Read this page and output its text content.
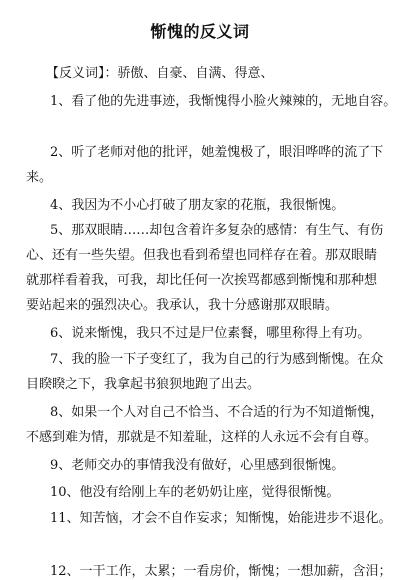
惭愧的反义词
【反义词】：骄傲、自豪、自满、得意、
1、看了他的先进事迹，我惭愧得小脸火辣辣的，无地自容。
2、听了老师对他的批评，她羞愧极了，眼泪哗哗的流了下
来。
4、我因为不小心打破了朋友家的花瓶，我很惭愧。
5、那双眼睛……却包含着许多复杂的感情：有生气、有伤
心、还有一些失望。但我也看到希望也同样存在着。那双眼睛
就那样看着我，可我，却比任何一次挨骂都感到惭愧和那种想
要站起来的强烈决心。我承认，我十分感谢那双眼睛。
6、说来惭愧，我只不过是尸位素餐，哪里称得上有功。
7、我的脸一下子变红了，我为自己的行为感到惭愧。在众
目睽睽之下，我拿起书狼狈地跑了出去。
8、如果一个人对自己不恰当、不合适的行为不知道惭愧，
不感到难为情，那就是不知羞耻，这样的人永远不会有自尊。
9、老师交办的事情我没有做好，心里感到很惭愧。
10、他没有给刚上车的老奶奶让座，觉得很惭愧。
11、知苦恼，才会不自作妄求；知惭愧，始能进步不退化。
12、一干工作，太累；一看房价，惭愧；一想加薪，含泪；
